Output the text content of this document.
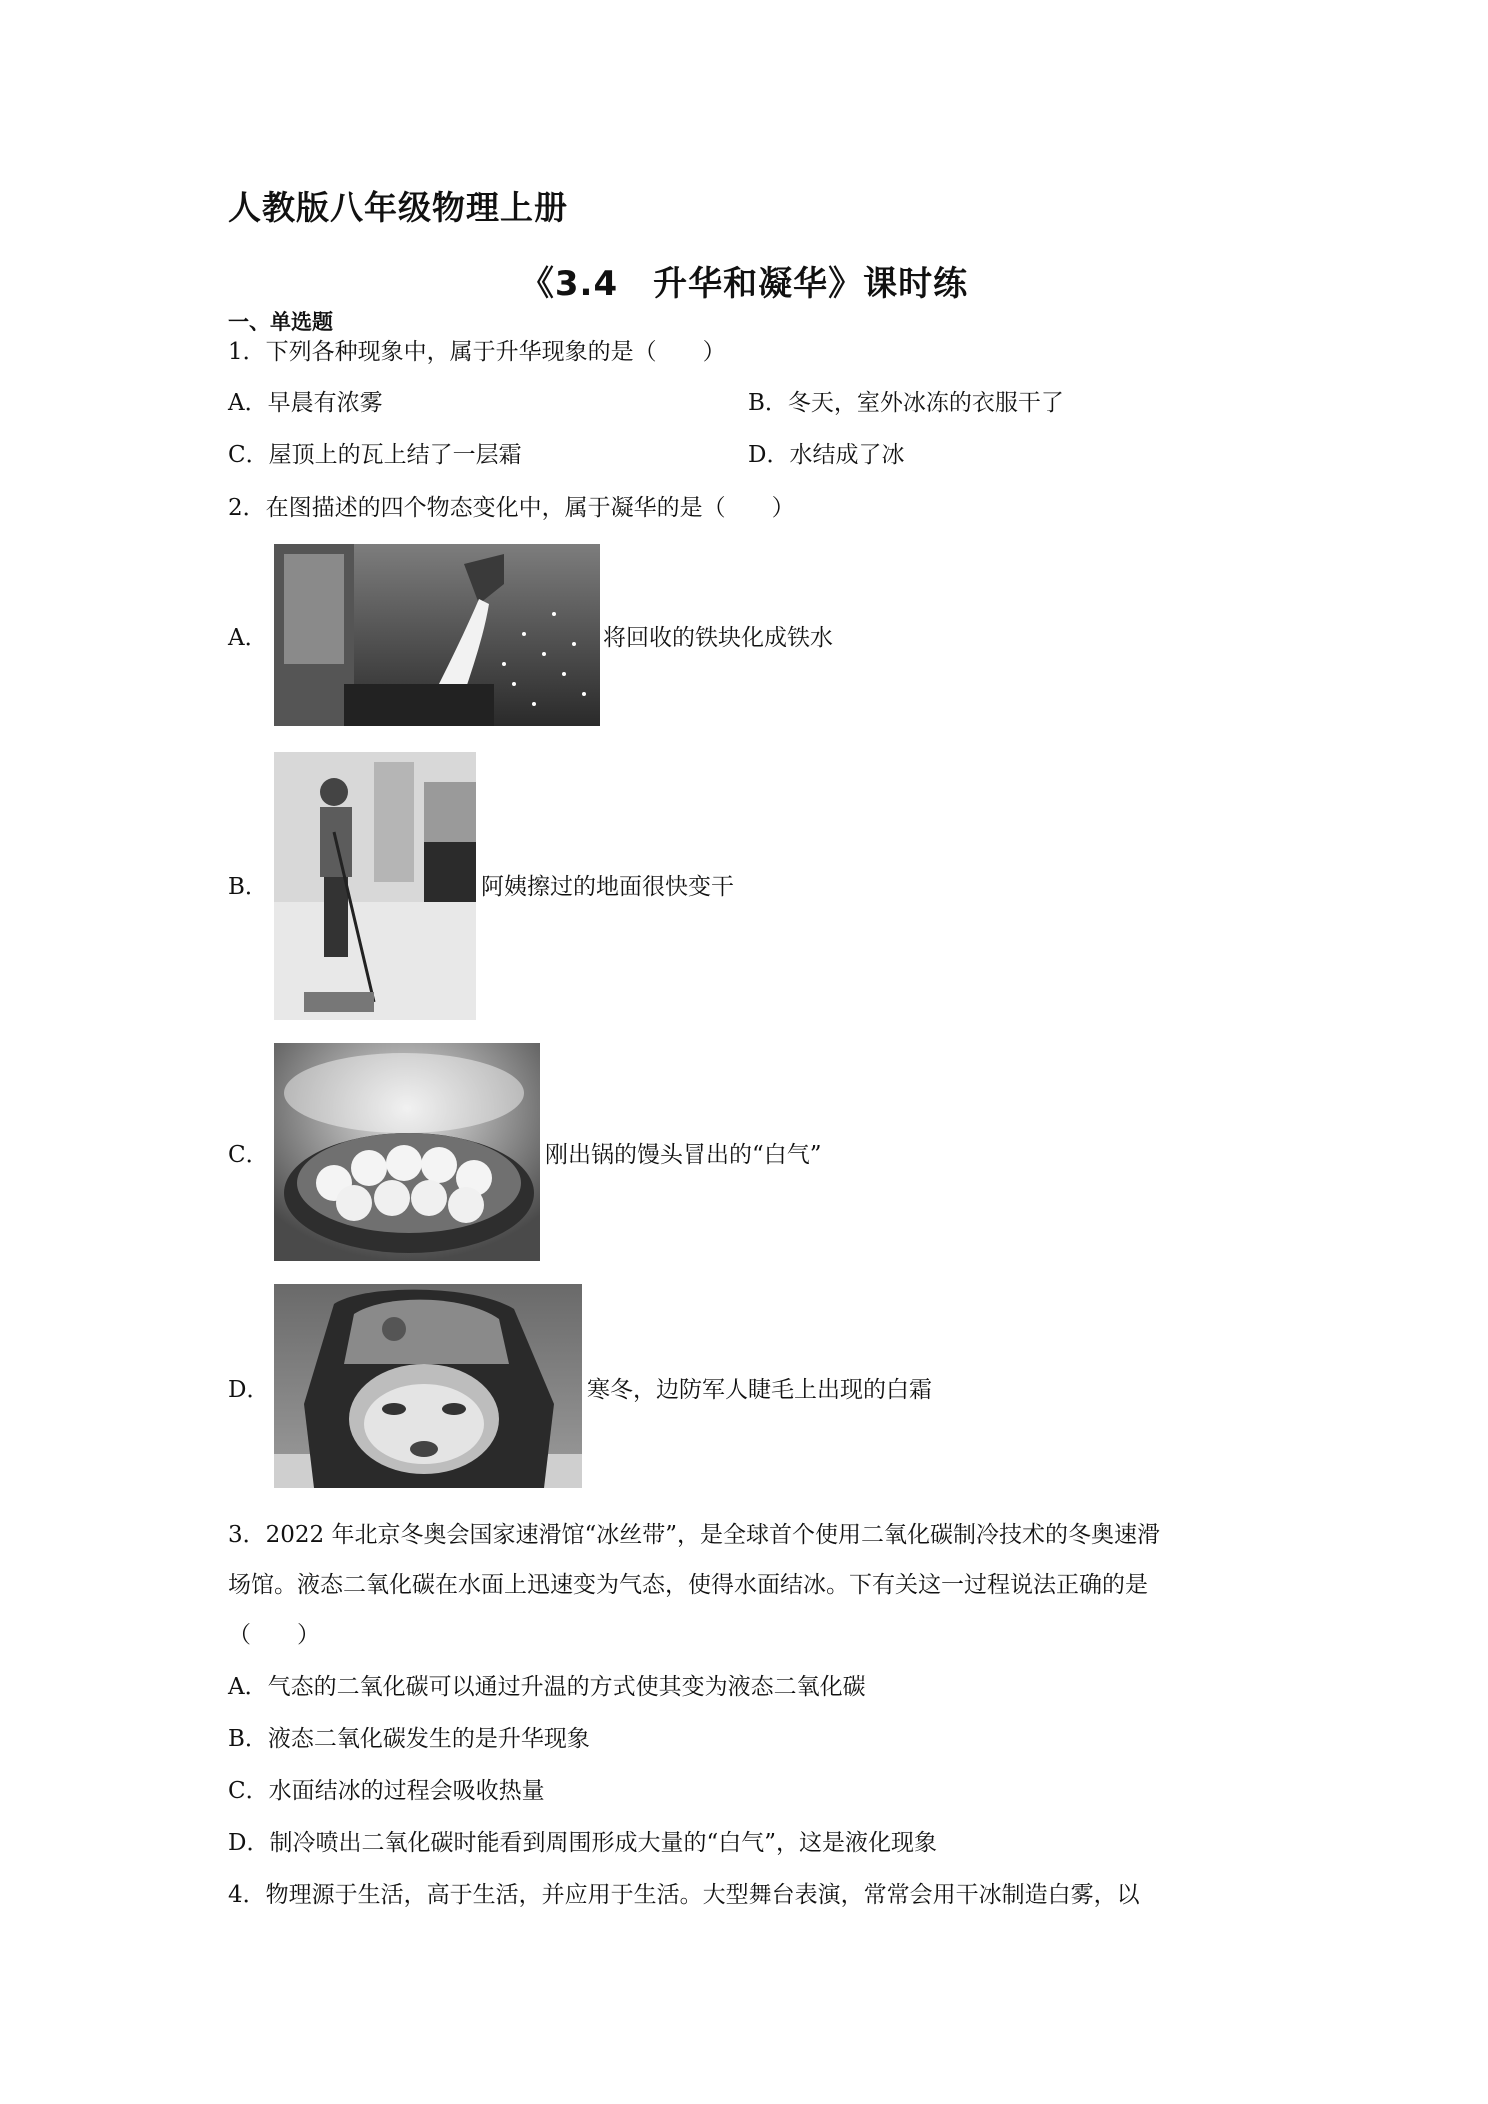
人教版八年级物理上册
《3.4　升华和凝华》课时练
一、单选题
1．下列各种现象中，属于升华现象的是（　　）
A．早晨有浓雾	B．冬天，室外冰冻的衣服干了
C．屋顶上的瓦上结了一层霜	D．水结成了冰
2．在图描述的四个物态变化中，属于凝华的是（　　）
A．	将回收的铁块化成铁水
B．	阿姨擦过的地面很快变干
C．	刚出锅的馒头冒出的“白气”
D．	寒冬，边防军人睫毛上出现的白霜
3．2022 年北京冬奥会国家速滑馆“冰丝带”，是全球首个使用二氧化碳制冷技术的冬奥速滑
场馆。液态二氧化碳在水面上迅速变为气态，使得水面结冰。下有关这一过程说法正确的是
（　　）
A．气态的二氧化碳可以通过升温的方式使其变为液态二氧化碳
B．液态二氧化碳发生的是升华现象
C．水面结冰的过程会吸收热量
D．制冷喷出二氧化碳时能看到周围形成大量的“白气”，这是液化现象
4．物理源于生活，高于生活，并应用于生活。大型舞台表演，常常会用干冰制造白雾，以
